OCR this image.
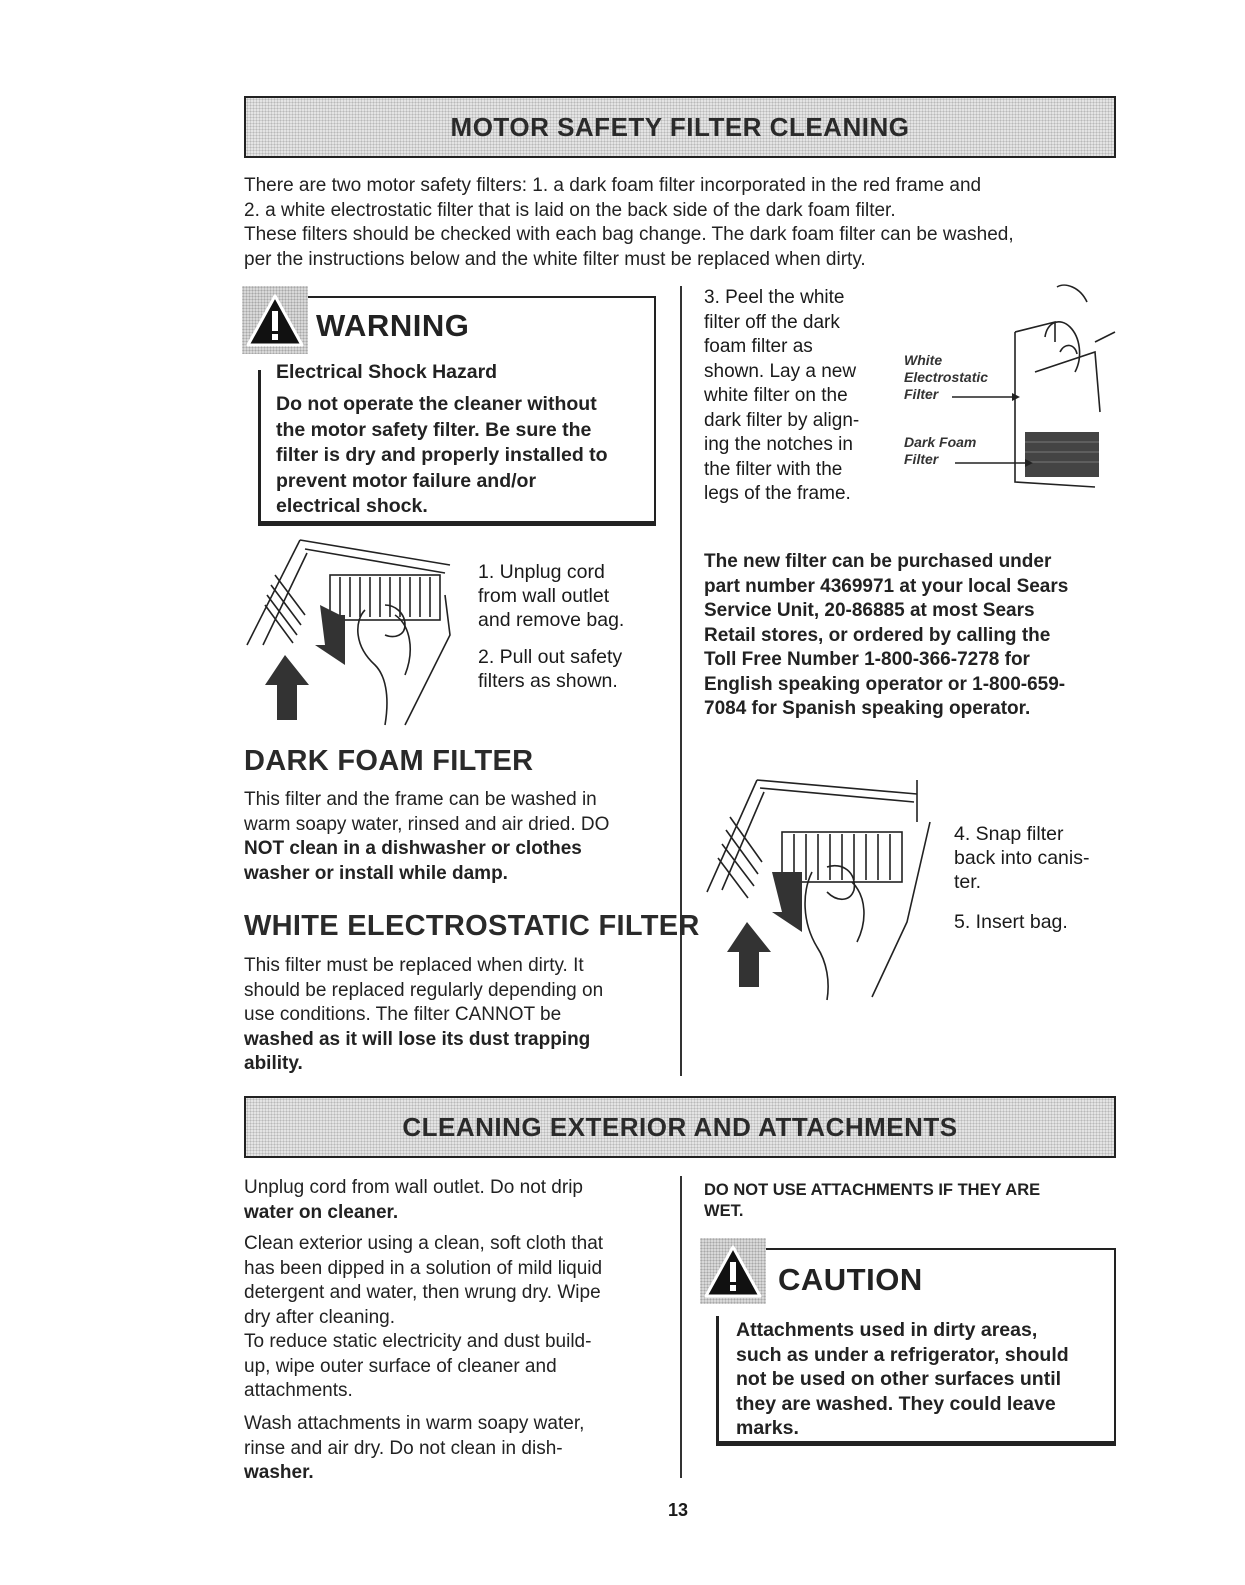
MOTOR SAFETY FILTER CLEANING
There are two motor safety filters: 1. a dark foam filter incorporated in the red frame and
2. a white electrostatic filter that is laid on the back side of the dark foam filter.
These filters should be checked with each bag change. The dark foam filter can be washed,
per the instructions below and the white filter must be replaced when dirty.
WARNING
Electrical Shock Hazard
Do not operate the cleaner without
the motor safety filter. Be sure the
filter is dry and properly installed to
prevent motor failure and/or
electrical shock.
1. Unplug cord
from wall outlet
and remove bag.
2. Pull out safety
filters as shown.
DARK FOAM FILTER
This filter and the frame can be washed in
warm soapy water, rinsed and air dried. DO
NOT clean in a dishwasher or clothes
washer or install while damp.
WHITE ELECTROSTATIC FILTER
This filter must be replaced when dirty. It
should be replaced regularly depending on
use conditions. The filter CANNOT be
washed as it will lose its dust trapping
ability.
3. Peel the white
filter off the dark
foam filter as
shown. Lay a new
white filter on the
dark filter by align-
ing the notches in
the filter with the
legs of the frame.
White
Electrostatic
Filter
Dark Foam
Filter
The new filter can be purchased under
part number 4369971 at your local Sears
Service Unit, 20-86885 at most Sears
Retail stores, or ordered by calling the
Toll Free Number 1-800-366-7278 for
English speaking operator or 1-800-659-
7084 for Spanish speaking operator.
4. Snap filter
back into canis-
ter.
5. Insert bag.
CLEANING EXTERIOR AND ATTACHMENTS
Unplug cord from wall outlet. Do not drip
water on cleaner.
Clean exterior using a clean, soft cloth that
has been dipped in a solution of mild liquid
detergent and water, then wrung dry. Wipe
dry after cleaning.
To reduce static electricity and dust build-
up, wipe outer surface of cleaner and
attachments.
Wash attachments in warm soapy water,
rinse and air dry. Do not clean in dish-
washer.
DO NOT USE ATTACHMENTS IF THEY ARE
WET.
CAUTION
Attachments used in dirty areas,
such as under a refrigerator, should
not be used on other surfaces until
they are washed. They could leave
marks.
13
